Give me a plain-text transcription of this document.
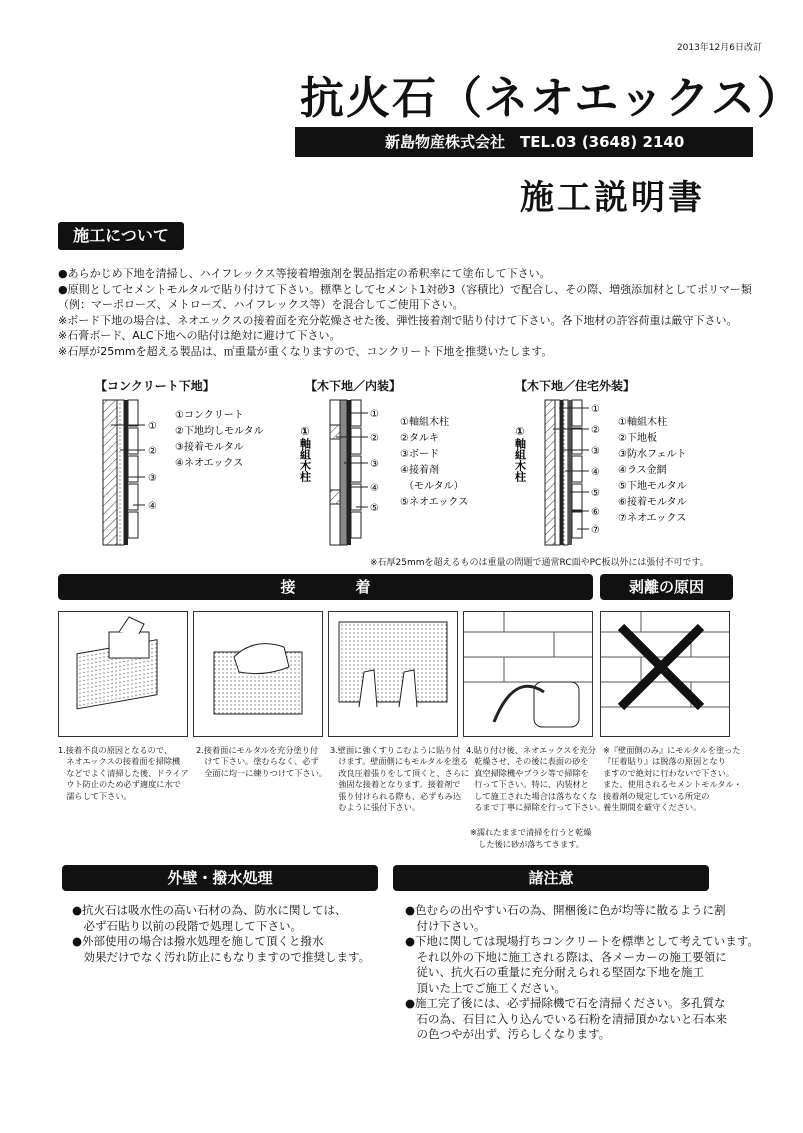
2013年12月6日改訂
抗火石（ネオエックス）
新島物産株式会社　TEL.03 (3648) 2140
施工説明書
施工について
●あらかじめ下地を清掃し、ハイフレックス等接着増強剤を製品指定の希釈率にて塗布して下さい。
●原則としてセメントモルタルで貼り付けて下さい。標準としてセメント1対砂3（容積比）で配合し、その際、増強添加材としてポリマー類
（例：マーポローズ、メトローズ、ハイフレックス等）を混合してご使用下さい。
※ボード下地の場合は、ネオエックスの接着面を充分乾燥させた後、弾性接着剤で貼り付けて下さい。各下地材の許容荷重は厳守下さい。
※石膏ボード、ALC下地への貼付は絶対に避けて下さい。
※石厚が25mmを超える製品は、㎡重量が重くなりますので、コンクリート下地を推奨いたします。
【コンクリート下地】	【木下地／内装】	【木下地／住宅外装】
①
②
③
④
①コンクリート
②下地均しモルタル
③接着モルタル
④ネオエックス	①軸組木柱
①
②
③
④
⑤
①軸組木柱
②タルキ
③ボード
④接着剤
（モルタル）
⑤ネオエックス
①軸組木柱
①
②
③
④
⑤
⑥
⑦
①軸組木柱
②下地板
③防水フェルト
④ラス金網
⑤下地モルタル
⑥接着モルタル
⑦ネオエックス
※石厚25mmを超えるものは重量の問題で通常RC面やPC板以外には張付不可です。
接　　　　着	剥離の原因
1.接着不良の原因となるので、
　ネオエックスの接着面を掃除機
　などでよく清掃した後、ドライア
　ウト防止のため必ず適度に水で
　濡らして下さい。
2.接着面にモルタルを充分塗り付
　けて下さい。塗むらなく、必ず
　全面に均一に練りつけて下さい。
3.壁面に強くすりこむように貼り付
　けます。壁面側にもモルタルを塗る
　改良圧着張りをして頂くと、さらに
　強固な接着となります。接着剤で
　張り付けられる際も、必ずもみ込
　むように張付下さい。
4.貼り付け後、ネオエックスを充分
　乾燥させ、その後に表面の砂を
　真空掃除機やブラシ等で掃除を
　行って下さい。特に、内装材と
　して施工された場合は落ちなくな
　るまで丁寧に掃除を行って下さい。
※『壁面側のみ』にモルタルを塗った
『圧着貼り』は脱落の原因となり
ますので絶対に行わないで下さい。
また、使用されるセメントモルタル・
接着剤の規定している所定の
養生期間を厳守ください。
※濡れたままで清掃を行うと乾燥
　した後に砂が落ちてきます。
外壁・撥水処理	諸注意
●抗火石は吸水性の高い石材の為、防水に関しては、
　必ず石貼り以前の段階で処理して下さい。
●外部使用の場合は撥水処理を施して頂くと撥水
　効果だけでなく汚れ防止にもなりますので推奨します。
●色むらの出やすい石の為、開梱後に色が均等に散るように割
　付け下さい。
●下地に関しては現場打ちコンクリートを標準として考えています。
　それ以外の下地に施工される際は、各メーカーの施工要領に
　従い、抗火石の重量に充分耐えられる堅固な下地を施工
　頂いた上でご施工ください。
●施工完了後には、必ず掃除機で石を清掃ください。多孔質な
　石の為、石目に入り込んでいる石粉を清掃頂かないと石本来
　の色つやが出ず、汚らしくなります。
